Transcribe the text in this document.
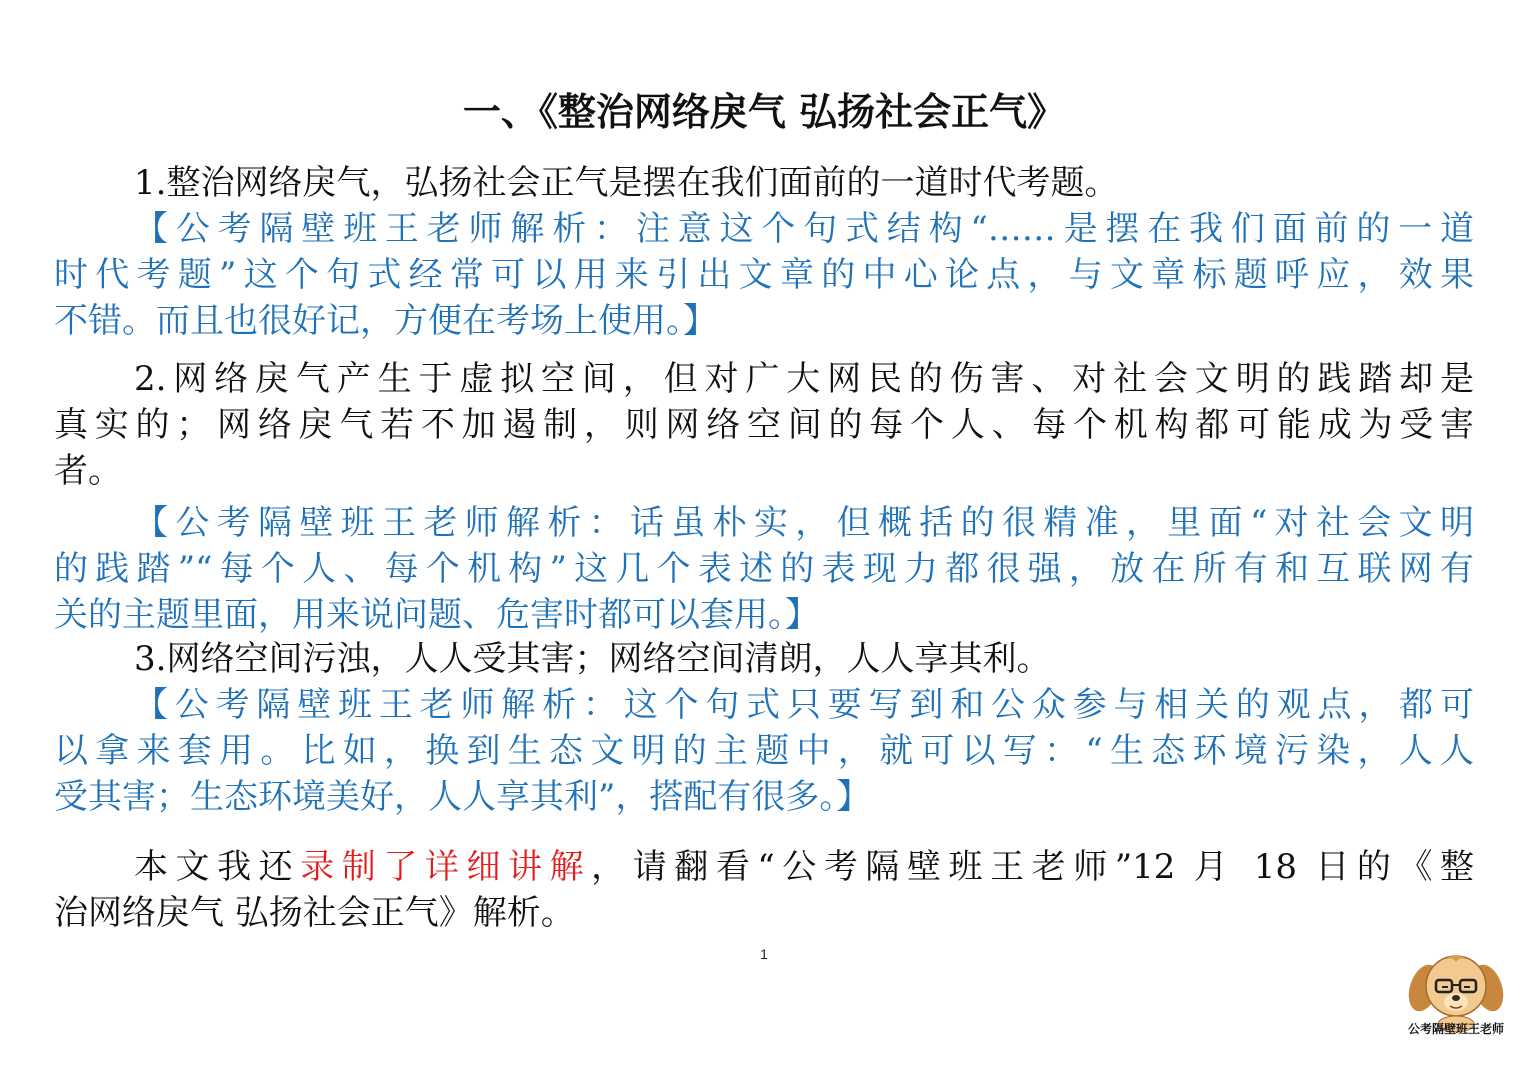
一、《整治网络戾气 弘扬社会正气》
1.整治网络戾气，弘扬社会正气是摆在我们面前的一道时代考题。
【公考隔壁班王老师解析：注意这个句式结构“……是摆在我们面前的一道
时代考题”这个句式经常可以用来引出文章的中心论点，与文章标题呼应，效果
不错。而且也很好记，方便在考场上使用。】
2.网络戾气产生于虚拟空间，但对广大网民的伤害、对社会文明的践踏却是
真实的；网络戾气若不加遏制，则网络空间的每个人、每个机构都可能成为受害
者。
【公考隔壁班王老师解析：话虽朴实，但概括的很精准，里面“对社会文明
的践踏”“每个人、每个机构”这几个表述的表现力都很强，放在所有和互联网有
关的主题里面，用来说问题、危害时都可以套用。】
3.网络空间污浊，人人受其害；网络空间清朗，人人享其利。
【公考隔壁班王老师解析：这个句式只要写到和公众参与相关的观点，都可
以拿来套用。比如，换到生态文明的主题中，就可以写：“生态环境污染，人人
受其害；生态环境美好，人人享其利”，搭配有很多。】
本文我还录制了详细讲解，请翻看“公考隔壁班王老师”12 月 18 日的《整
治网络戾气 弘扬社会正气》解析。
1
公考隔壁班王老师
